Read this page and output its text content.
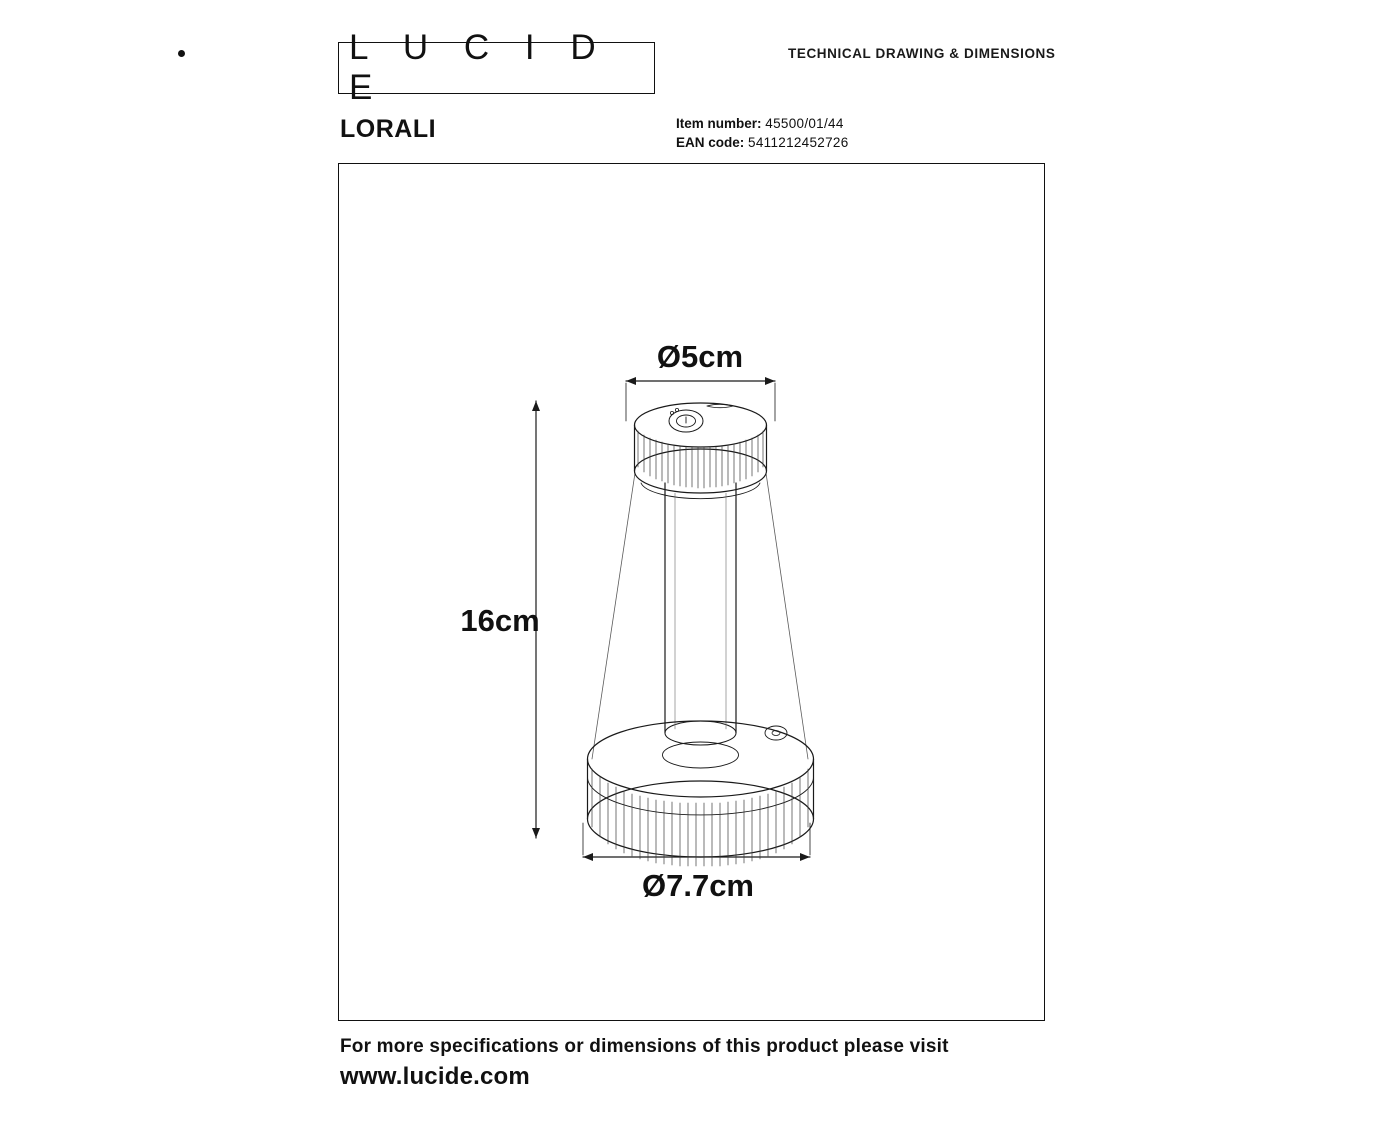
L U C I D E
TECHNICAL DRAWING & DIMENSIONS
LORALI	Item number: 45500/01/44
EAN code: 5411212452726
Ø5cm
16cm
Ø7.7cm
For more specifications or dimensions of this product please visit
www.lucide.com
